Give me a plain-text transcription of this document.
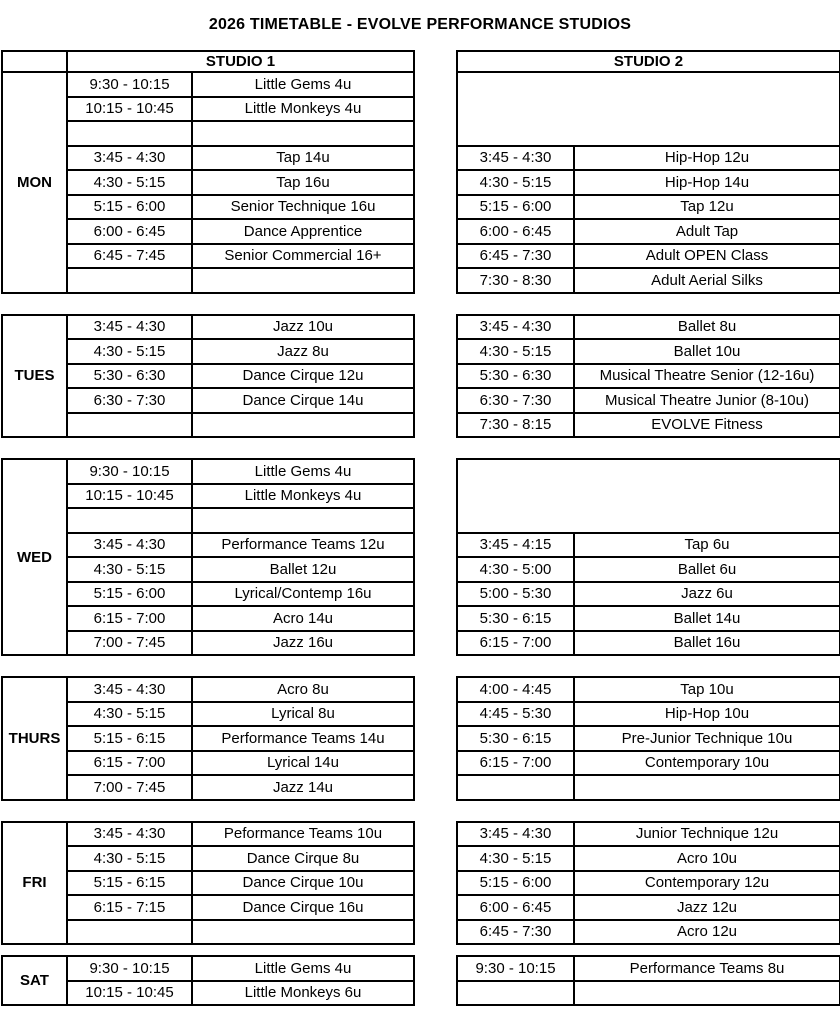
2026 TIMETABLE - EVOLVE PERFORMANCE STUDIOS
	STUDIO 1			STUDIO 2	
MON	9:30 - 10:15	Little Gems 4u			
	10:15 - 10:45	Little Monkeys 4u			

	3:45 - 4:30	Tap 14u		3:45 - 4:30	Hip-Hop 12u
	4:30 - 5:15	Tap 16u		4:30 - 5:15	Hip-Hop 14u
	5:15 - 6:00	Senior Technique 16u		5:15 - 6:00	Tap 12u
	6:00 - 6:45	Dance Apprentice		6:00 - 6:45	Adult Tap
	6:45 - 7:45	Senior Commercial 16+		6:45 - 7:30	Adult OPEN Class
				7:30 - 8:30	Adult Aerial Silks

TUES	3:45 - 4:30	Jazz 10u		3:45 - 4:30	Ballet 8u
	4:30 - 5:15	Jazz 8u		4:30 - 5:15	Ballet 10u
	5:30 - 6:30	Dance Cirque 12u		5:30 - 6:30	Musical Theatre Senior (12-16u)
	6:30 - 7:30	Dance Cirque 14u		6:30 - 7:30	Musical Theatre Junior (8-10u)
				7:30 - 8:15	EVOLVE Fitness

WED	9:30 - 10:15	Little Gems 4u			
	10:15 - 10:45	Little Monkeys 4u			

	3:45 - 4:30	Performance Teams 12u		3:45 - 4:15	Tap 6u
	4:30 - 5:15	Ballet 12u		4:30 - 5:00	Ballet 6u
	5:15 - 6:00	Lyrical/Contemp 16u		5:00 - 5:30	Jazz 6u
	6:15 - 7:00	Acro 14u		5:30 - 6:15	Ballet 14u
	7:00 - 7:45	Jazz 16u		6:15 - 7:00	Ballet 16u

THURS	3:45 - 4:30	Acro 8u		4:00 - 4:45	Tap 10u
	4:30 - 5:15	Lyrical 8u		4:45 - 5:30	Hip-Hop 10u
	5:15 - 6:15	Performance Teams 14u		5:30 - 6:15	Pre-Junior Technique 10u
	6:15 - 7:00	Lyrical 14u		6:15 - 7:00	Contemporary 10u
	7:00 - 7:45	Jazz 14u			

FRI	3:45 - 4:30	Peformance Teams 10u		3:45 - 4:30	Junior Technique 12u
	4:30 - 5:15	Dance Cirque 8u		4:30 - 5:15	Acro 10u
	5:15 - 6:15	Dance Cirque 10u		5:15 - 6:00	Contemporary 12u
	6:15 - 7:15	Dance Cirque 16u		6:00 - 6:45	Jazz 12u
				6:45 - 7:30	Acro 12u

SAT	9:30 - 10:15	Little Gems 4u		9:30 - 10:15	Performance Teams 8u
	10:15 - 10:45	Little Monkeys 6u			
